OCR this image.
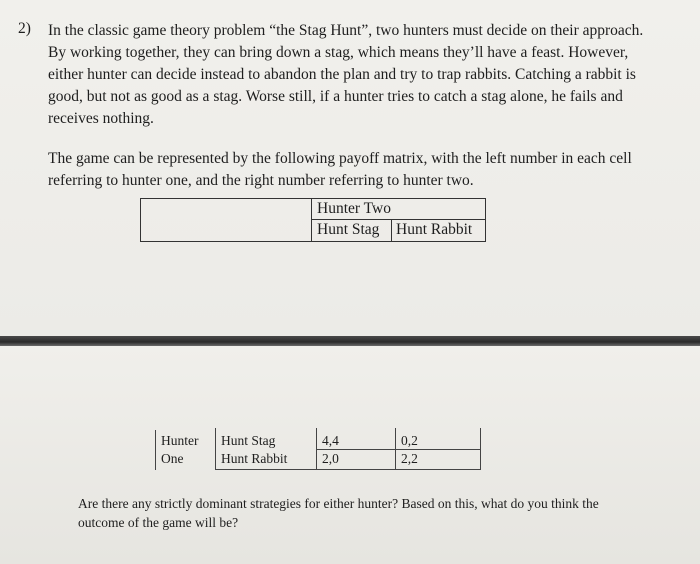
2) In the classic game theory problem “the Stag Hunt”, two hunters must decide on their approach. By working together, they can bring down a stag, which means they’ll have a feast. However, either hunter can decide instead to abandon the plan and try to trap rabbits. Catching a rabbit is good, but not as good as a stag. Worse still, if a hunter tries to catch a stag alone, he fails and receives nothing.

The game can be represented by the following payoff matrix, with the left number in each cell referring to hunter one, and the right number referring to hunter two.

Hunter Two
Hunt Stag Hunt Rabbit
Hunter
One
Hunt Stag
Hunt Rabbit
4,4
2,0
0,2
2,2

Are there any strictly dominant strategies for either hunter? Based on this, what do you think the outcome of the game will be?
